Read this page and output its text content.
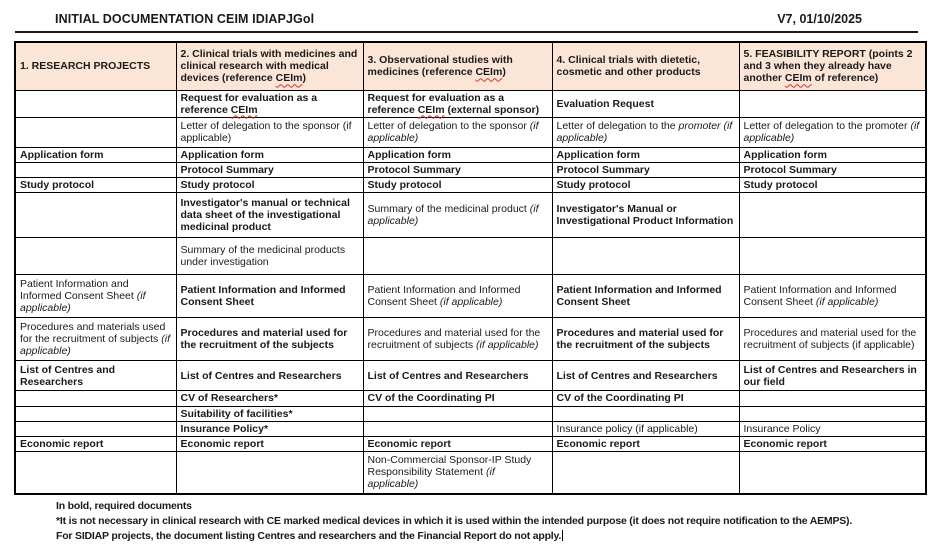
INITIAL DOCUMENTATION CEIM IDIAPJGol	V7, 01/10/2025
1. RESEARCH PROJECTS	2. Clinical trials with medicines and clinical research with medical devices (reference CEIm)	3. Observational studies with medicines (reference CEIm)	4. Clinical trials with dietetic, cosmetic and other products	5. FEASIBILITY REPORT (points 2 and 3 when they already have another CEIm of reference)
	Request for evaluation as a reference CEIm	Request for evaluation as a reference CEIm (external sponsor)	Evaluation Request	
	Letter of delegation to the sponsor (if applicable)	Letter of delegation to the sponsor (if applicable)	Letter of delegation to the promoter (if applicable)	Letter of delegation to the promoter (if applicable)
Application form	Application form	Application form	Application form	Application form
	Protocol Summary	Protocol Summary	Protocol Summary	Protocol Summary
Study protocol	Study protocol	Study protocol	Study protocol	Study protocol
	Investigator's manual or technical data sheet of the investigational medicinal product	Summary of the medicinal product (if applicable)	Investigator's Manual or Investigational Product Information	
	Summary of the medicinal products under investigation			
Patient Information and Informed Consent Sheet (if applicable)	Patient Information and Informed Consent Sheet	Patient Information and Informed Consent Sheet (if applicable)	Patient Information and Informed Consent Sheet	Patient Information and Informed Consent Sheet (if applicable)
Procedures and materials used for the recruitment of subjects (if applicable)	Procedures and material used for the recruitment of the subjects	Procedures and material used for the recruitment of subjects (if applicable)	Procedures and material used for the recruitment of the subjects	Procedures and material used for the recruitment of subjects (if applicable)
List of Centres and Researchers	List of Centres and Researchers	List of Centres and Researchers	List of Centres and Researchers	List of Centres and Researchers in our field
	CV of Researchers*	CV of the Coordinating PI	CV of the Coordinating PI	
	Suitability of facilities*			
	Insurance Policy*		Insurance policy (if applicable)	Insurance Policy
Economic report	Economic report	Economic report	Economic report	Economic report
		Non-Commercial Sponsor-IP Study Responsibility Statement (if applicable)		
In bold, required documents
*It is not necessary in clinical research with CE marked medical devices in which it is used within the intended purpose (it does not require notification to the AEMPS).
For SIDIAP projects, the document listing Centres and researchers and the Financial Report do not apply.
